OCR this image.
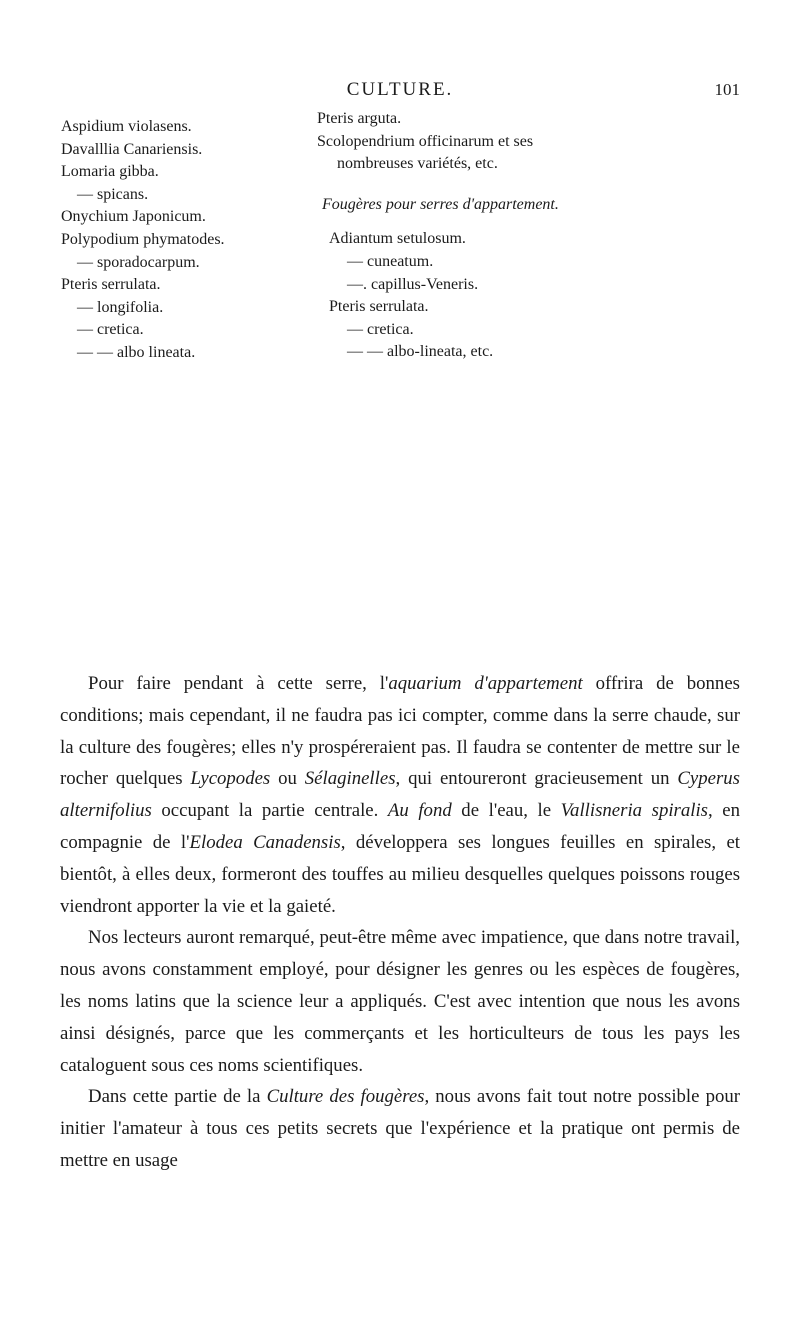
CULTURE.	101
Aspidium violasens.
Davalllia Canariensis.
Lomaria gibba.
— spicans.
Onychium Japonicum.
Polypodium phymatodes.
— sporadocarpum.
Pteris serrulata.
— longifolia.
— cretica.
— — albo lineata.
Pteris arguta.
Scolopendrium officinarum et ses
nombreuses variétés, etc.
Fougères pour serres d'appartement.
Adiantum setulosum.
— cuneatum.
—. capillus-Veneris.
Pteris serrulata.
— cretica.
— — albo-lineata, etc.

Pour faire pendant à cette serre, l'aquarium d'appartement offrira de bonnes conditions; mais cependant, il ne faudra pas ici compter, comme dans la serre chaude, sur la culture des fougères; elles n'y prospéreraient pas. Il faudra se contenter de mettre sur le rocher quelques Lycopodes ou Sélaginelles, qui entoureront gracieusement un Cyperus alternifolius occupant la partie centrale. Au fond de l'eau, le Vallisneria spiralis, en compagnie de l'Elodea Canadensis, développera ses longues feuilles en spirales, et bientôt, à elles deux, formeront des touffes au milieu desquelles quelques poissons rouges viendront apporter la vie et la gaieté.

Nos lecteurs auront remarqué, peut-être même avec impatience, que dans notre travail, nous avons constamment employé, pour désigner les genres ou les espèces de fougères, les noms latins que la science leur a appliqués. C'est avec intention que nous les avons ainsi désignés, parce que les commerçants et les horticulteurs de tous les pays les cataloguent sous ces noms scientifiques.

Dans cette partie de la Culture des fougères, nous avons fait tout notre possible pour initier l'amateur à tous ces petits secrets que l'expérience et la pratique ont permis de mettre en usage
